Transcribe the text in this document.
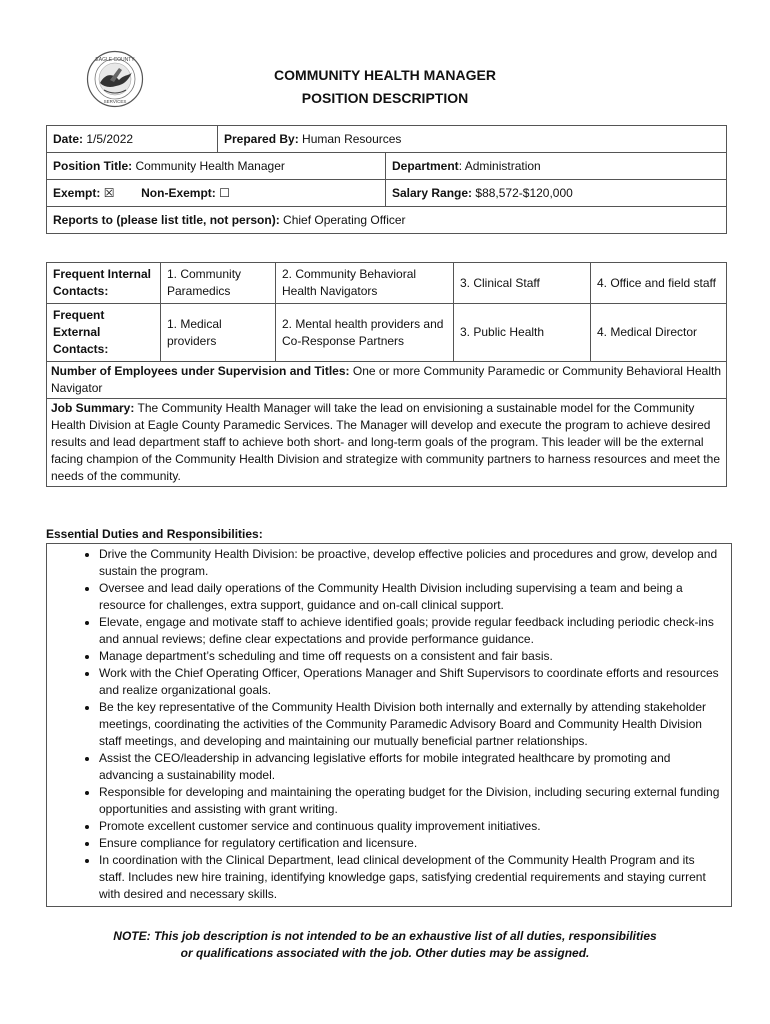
EAGLE COUNTY
SERVICES
COMMUNITY HEALTH MANAGER
POSITION DESCRIPTION
Date: 1/5/2022	Prepared By: Human Resources	
Position Title: Community Health Manager		Department: Administration
Exempt: ☒ Non-Exempt: ☐		Salary Range: $88,572-$120,000
Reports to (please list title, not person): Chief Operating Officer		
Frequent Internal Contacts:	1. Community Paramedics	2. Community Behavioral Health Navigators	3. Clinical Staff	4. Office and field staff
Frequent External Contacts:	1. Medical providers	2. Mental health providers and Co-Response Partners	3. Public Health	4. Medical Director
Number of Employees under Supervision and Titles: One or more Community Paramedic or Community Behavioral Health Navigator				
Job Summary: The Community Health Manager will take the lead on envisioning a sustainable model for the Community Health Division at Eagle County Paramedic Services. The Manager will develop and execute the program to achieve desired results and lead department staff to achieve both short- and long-term goals of the program. This leader will be the external facing champion of the Community Health Division and strategize with community partners to harness resources and meet the needs of the community.				
Essential Duties and Responsibilities:
• Drive the Community Health Division: be proactive, develop effective policies and procedures and grow, develop and sustain the program.
• Oversee and lead daily operations of the Community Health Division including supervising a team and being a resource for challenges, extra support, guidance and on-call clinical support.
• Elevate, engage and motivate staff to achieve identified goals; provide regular feedback including periodic check-ins and annual reviews; define clear expectations and provide performance guidance.
• Manage department’s scheduling and time off requests on a consistent and fair basis.
• Work with the Chief Operating Officer, Operations Manager and Shift Supervisors to coordinate efforts and resources and realize organizational goals.
• Be the key representative of the Community Health Division both internally and externally by attending stakeholder meetings, coordinating the activities of the Community Paramedic Advisory Board and Community Health Division staff meetings, and developing and maintaining our mutually beneficial partner relationships.
• Assist the CEO/leadership in advancing legislative efforts for mobile integrated healthcare by promoting and advancing a sustainability model.
• Responsible for developing and maintaining the operating budget for the Division, including securing external funding opportunities and assisting with grant writing.
• Promote excellent customer service and continuous quality improvement initiatives.
• Ensure compliance for regulatory certification and licensure.
• In coordination with the Clinical Department, lead clinical development of the Community Health Program and its staff. Includes new hire training, identifying knowledge gaps, satisfying credential requirements and staying current with desired and necessary skills.
NOTE: This job description is not intended to be an exhaustive list of all duties, responsibilities
or qualifications associated with the job. Other duties may be assigned.
